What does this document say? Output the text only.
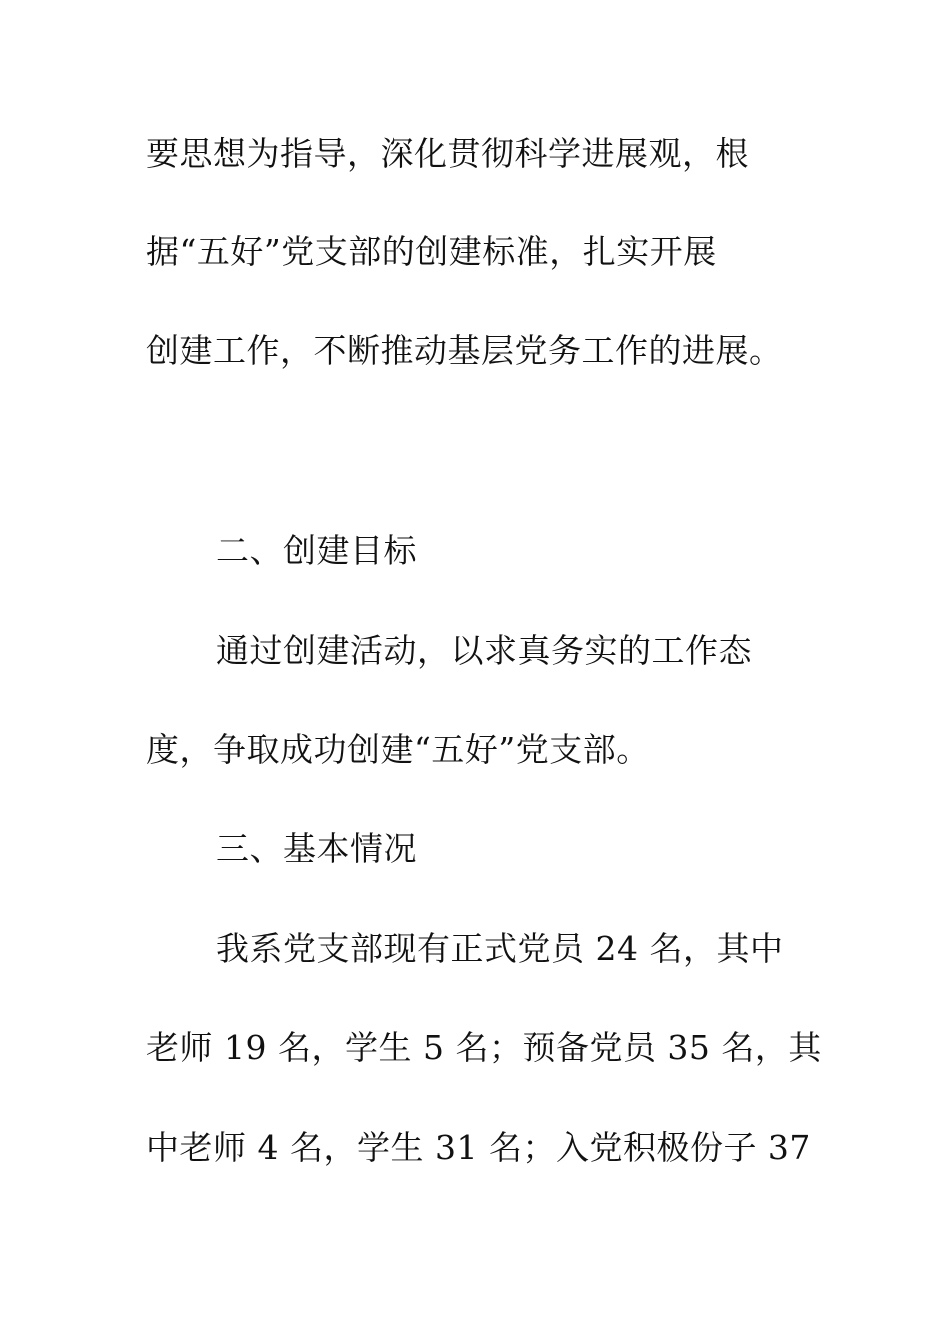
要思想为指导，深化贯彻科学进展观，根
据“五好”党支部的创建标准，扎实开展
创建工作，不断推动基层党务工作的进展。
二、创建目标
通过创建活动，以求真务实的工作态
度，争取成功创建“五好”党支部。
三、基本情况
我系党支部现有正式党员 24 名，其中
老师 19 名，学生 5 名；预备党员 35 名，其
中老师 4 名，学生 31 名；入党积极份子 37
